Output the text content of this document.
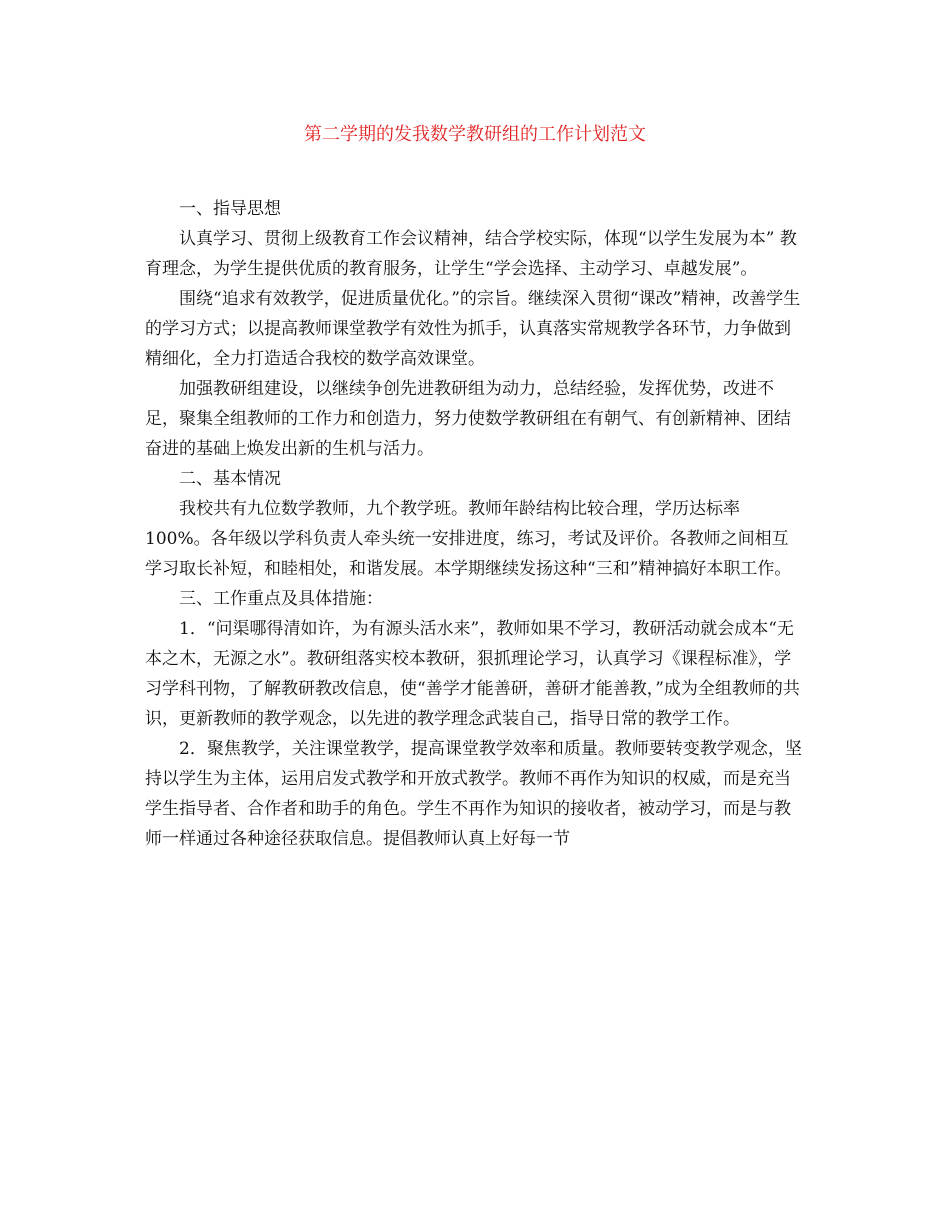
第二学期的发我数学教研组的工作计划范文

一、指导思想

认真学习、贯彻上级教育工作会议精神，结合学校实际，体现“以学生发展为本” 教育理念，为学生提供优质的教育服务，让学生“学会选择、主动学习、卓越发展”。

围绕“追求有效教学，促进质量优化。”的宗旨。继续深入贯彻“课改”精神，改善学生的学习方式；以提高教师课堂教学有效性为抓手，认真落实常规教学各环节，力争做到精细化，全力打造适合我校的数学高效课堂。

加强教研组建设，以继续争创先进教研组为动力，总结经验，发挥优势，改进不足，聚集全组教师的工作力和创造力，努力使数学教研组在有朝气、有创新精神、团结奋进的基础上焕发出新的生机与活力。

二、基本情况

我校共有九位数学教师，九个教学班。教师年龄结构比较合理，学历达标率100%。各年级以学科负责人牵头统一安排进度，练习，考试及评价。各教师之间相互学习取长补短，和睦相处，和谐发展。本学期继续发扬这种“三和”精神搞好本职工作。

三、工作重点及具体措施：

1．“问渠哪得清如许，为有源头活水来”，教师如果不学习，教研活动就会成本“无本之木，无源之水”。教研组落实校本教研，狠抓理论学习，认真学习《课程标准》，学习学科刊物，了解教研教改信息，使“善学才能善研，善研才能善教，”成为全组教师的共识，更新教师的教学观念，以先进的教学理念武装自己，指导日常的教学工作。

2．聚焦教学，关注课堂教学，提高课堂教学效率和质量。教师要转变教学观念，坚持以学生为主体，运用启发式教学和开放式教学。教师不再作为知识的权威，而是充当学生指导者、合作者和助手的角色。学生不再作为知识的接收者，被动学习，而是与教师一样通过各种途径获取信息。提倡教师认真上好每一节
